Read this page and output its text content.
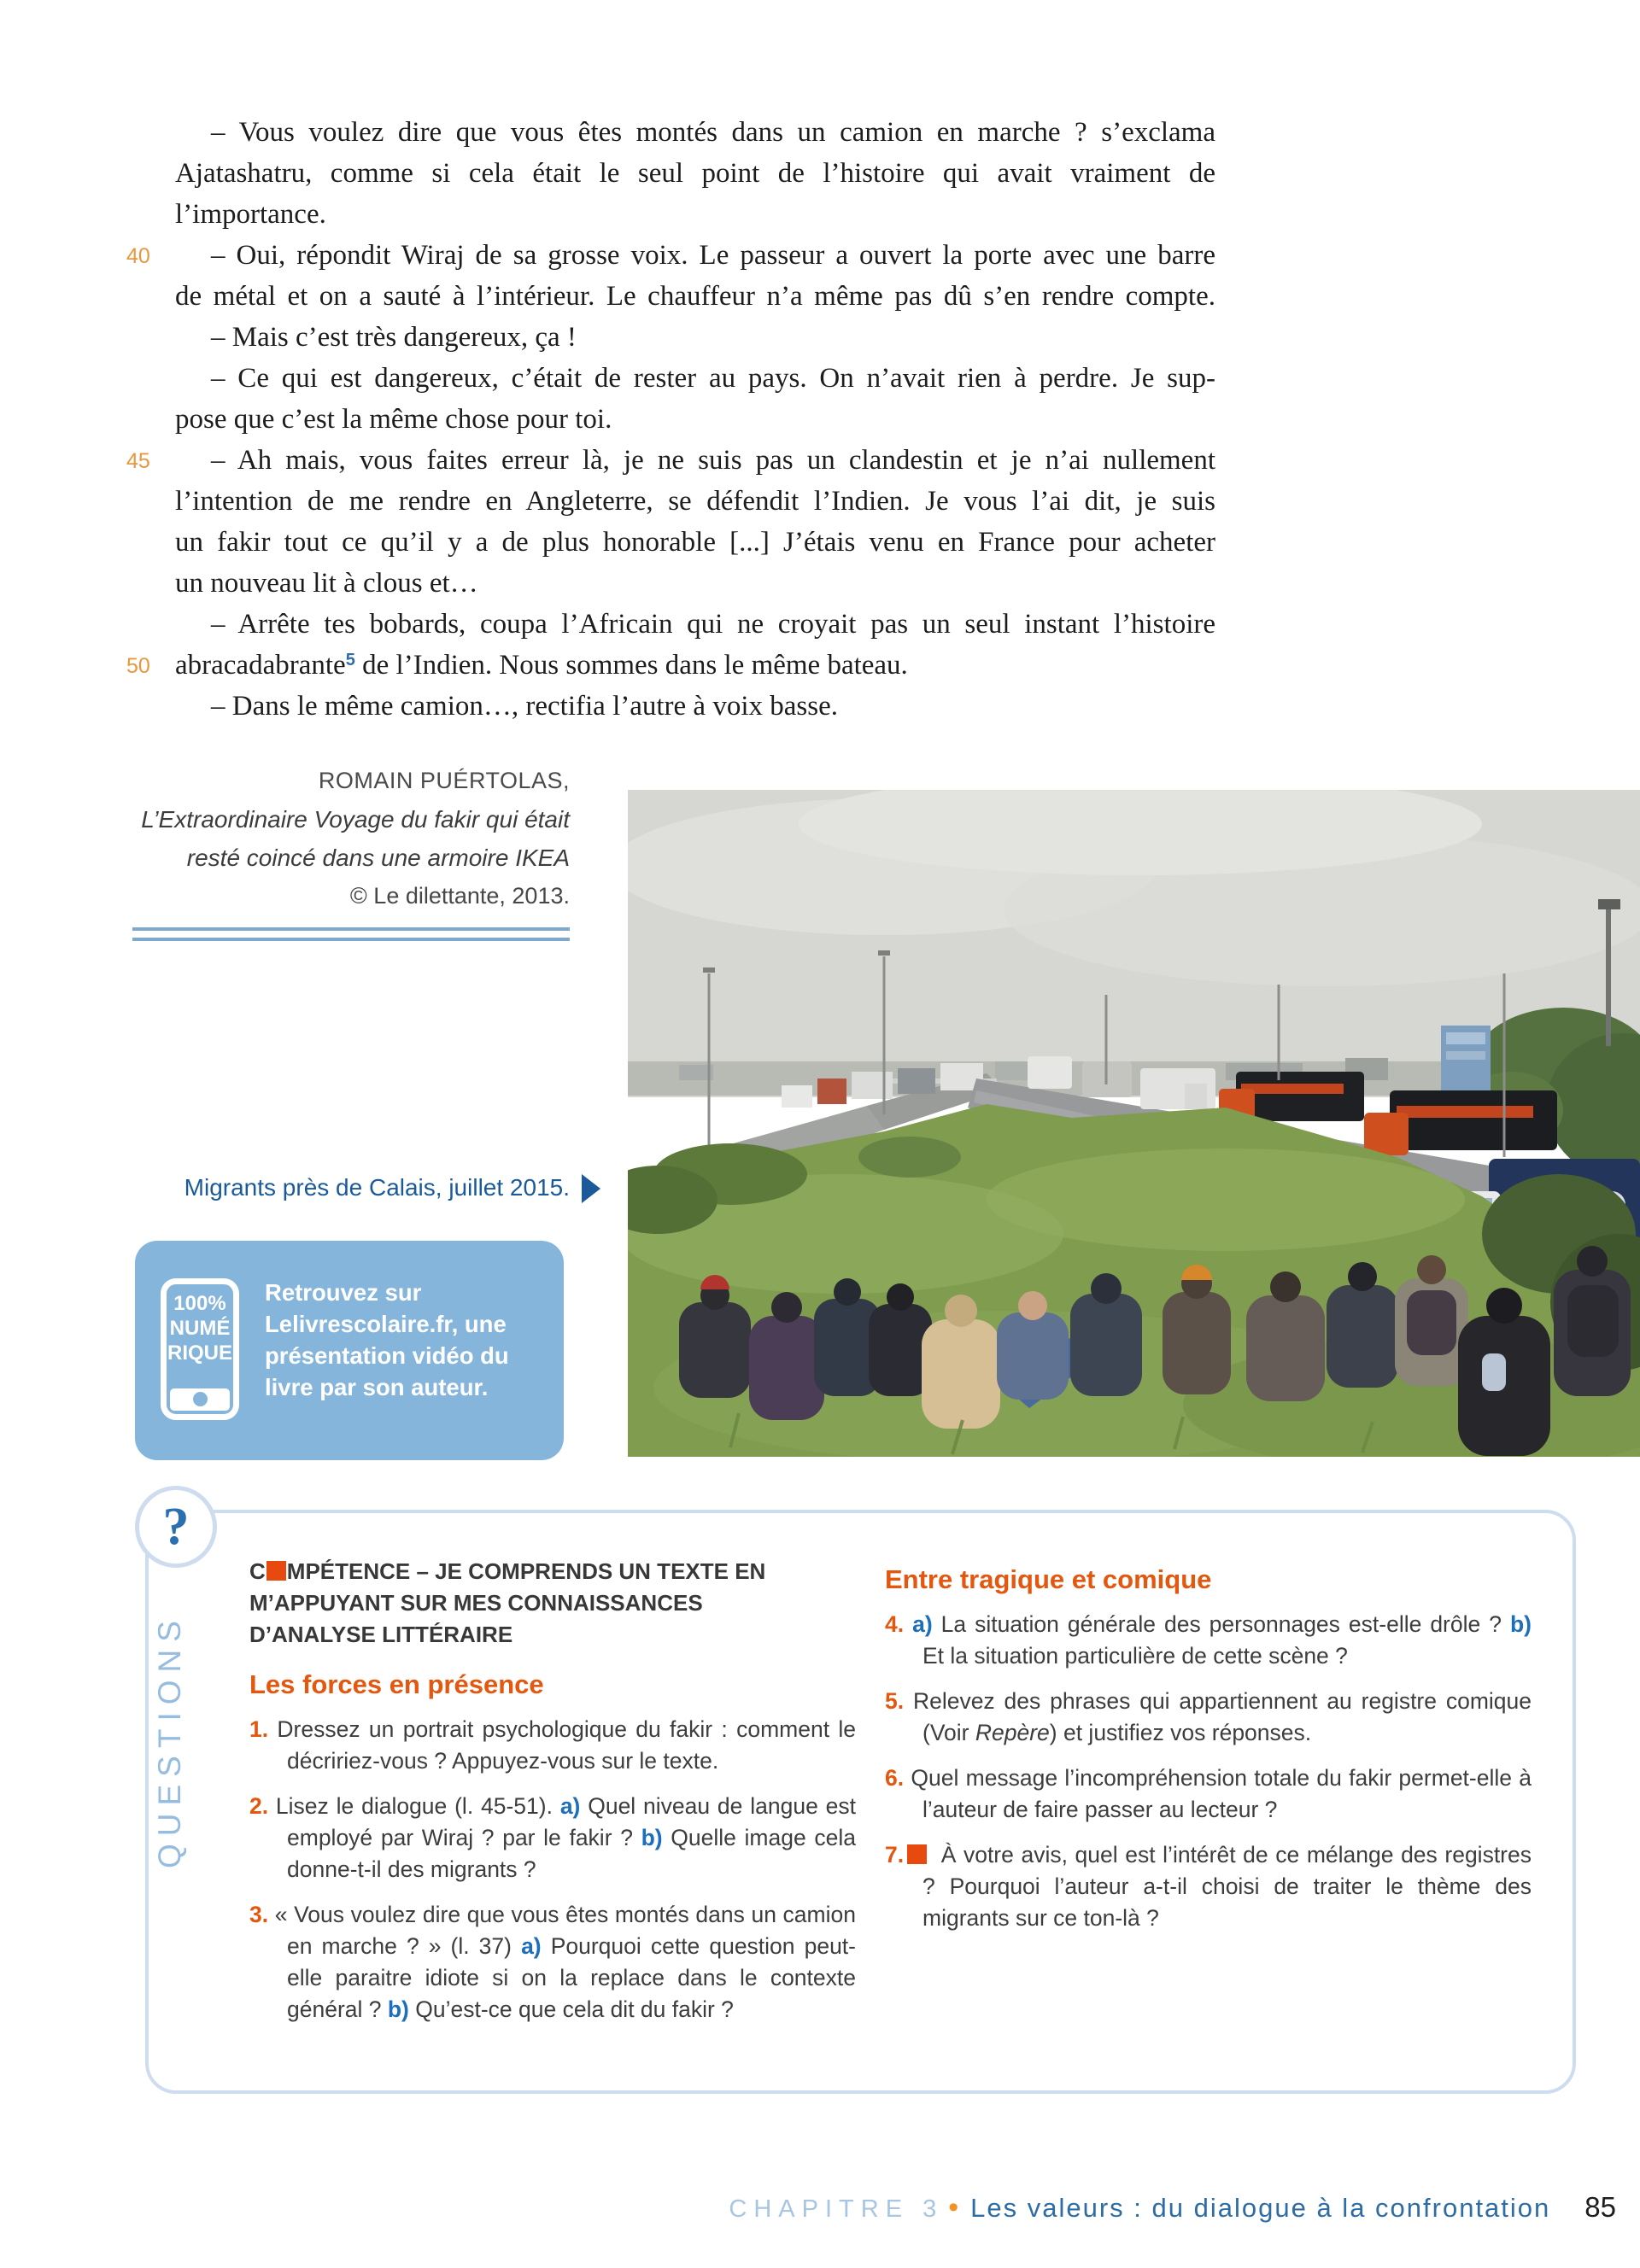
– Vous voulez dire que vous êtes montés dans un camion en marche ? s’exclama
Ajatashatru, comme si cela était le seul point de l’histoire qui avait vraiment de
l’importance.
40	– Oui, répondit Wiraj de sa grosse voix. Le passeur a ouvert la porte avec une barre
de métal et on a sauté à l’intérieur. Le chauffeur n’a même pas dû s’en rendre compte.
– Mais c’est très dangereux, ça !
– Ce qui est dangereux, c’était de rester au pays. On n’avait rien à perdre. Je sup-
pose que c’est la même chose pour toi.
45	– Ah mais, vous faites erreur là, je ne suis pas un clandestin et je n’ai nullement
l’intention de me rendre en Angleterre, se défendit l’Indien. Je vous l’ai dit, je suis
un fakir tout ce qu’il y a de plus honorable [...] J’étais venu en France pour acheter
un nouveau lit à clous et…
– Arrête tes bobards, coupa l’Africain qui ne croyait pas un seul instant l’histoire
50 abracadabrante$^5$ de l’Indien. Nous sommes dans le même bateau.
– Dans le même camion…, rectifia l’autre à voix basse.
ROMAIN PUÉRTOLAS,
L’Extraordinaire Voyage du fakir qui était
resté coincé dans une armoire IKEA
© Le dilettante, 2013.
Migrants près de Calais, juillet 2015.
100%
NUMÉ
RIQUE
Retrouvez sur Lelivrescolaire.fr, une présentation vidéo du livre par son auteur.
?
QUESTIONS
C MPÉTENCE – JE COMPRENDS UN TEXTE EN M’APPUYANT SUR MES CONNAISSANCES D’ANALYSE LITTÉRAIRE
Les forces en présence
1. Dressez un portrait psychologique du fakir : comment le décririez-vous ? Appuyez-vous sur le texte.
2. Lisez le dialogue (l. 45-51). a) Quel niveau de langue est employé par Wiraj ? par le fakir ? b) Quelle image cela donne-t-il des migrants ?
3. « Vous voulez dire que vous êtes montés dans un camion en marche ? » (l. 37) a) Pourquoi cette question peut-elle paraitre idiote si on la replace dans le contexte général ? b) Qu’est-ce que cela dit du fakir ?
Entre tragique et comique
4. a) La situation générale des personnages est-elle drôle ? b) Et la situation particulière de cette scène ?
5. Relevez des phrases qui appartiennent au registre comique (Voir Repère) et justifiez vos réponses.
6. Quel message l’incompréhension totale du fakir permet-elle à l’auteur de faire passer au lecteur ?
7. À votre avis, quel est l’intérêt de ce mélange des registres ? Pourquoi l’auteur a-t-il choisi de traiter le thème des migrants sur ce ton-là ?
CHAPITRE 3 • Les valeurs : du dialogue à la confrontation 85
